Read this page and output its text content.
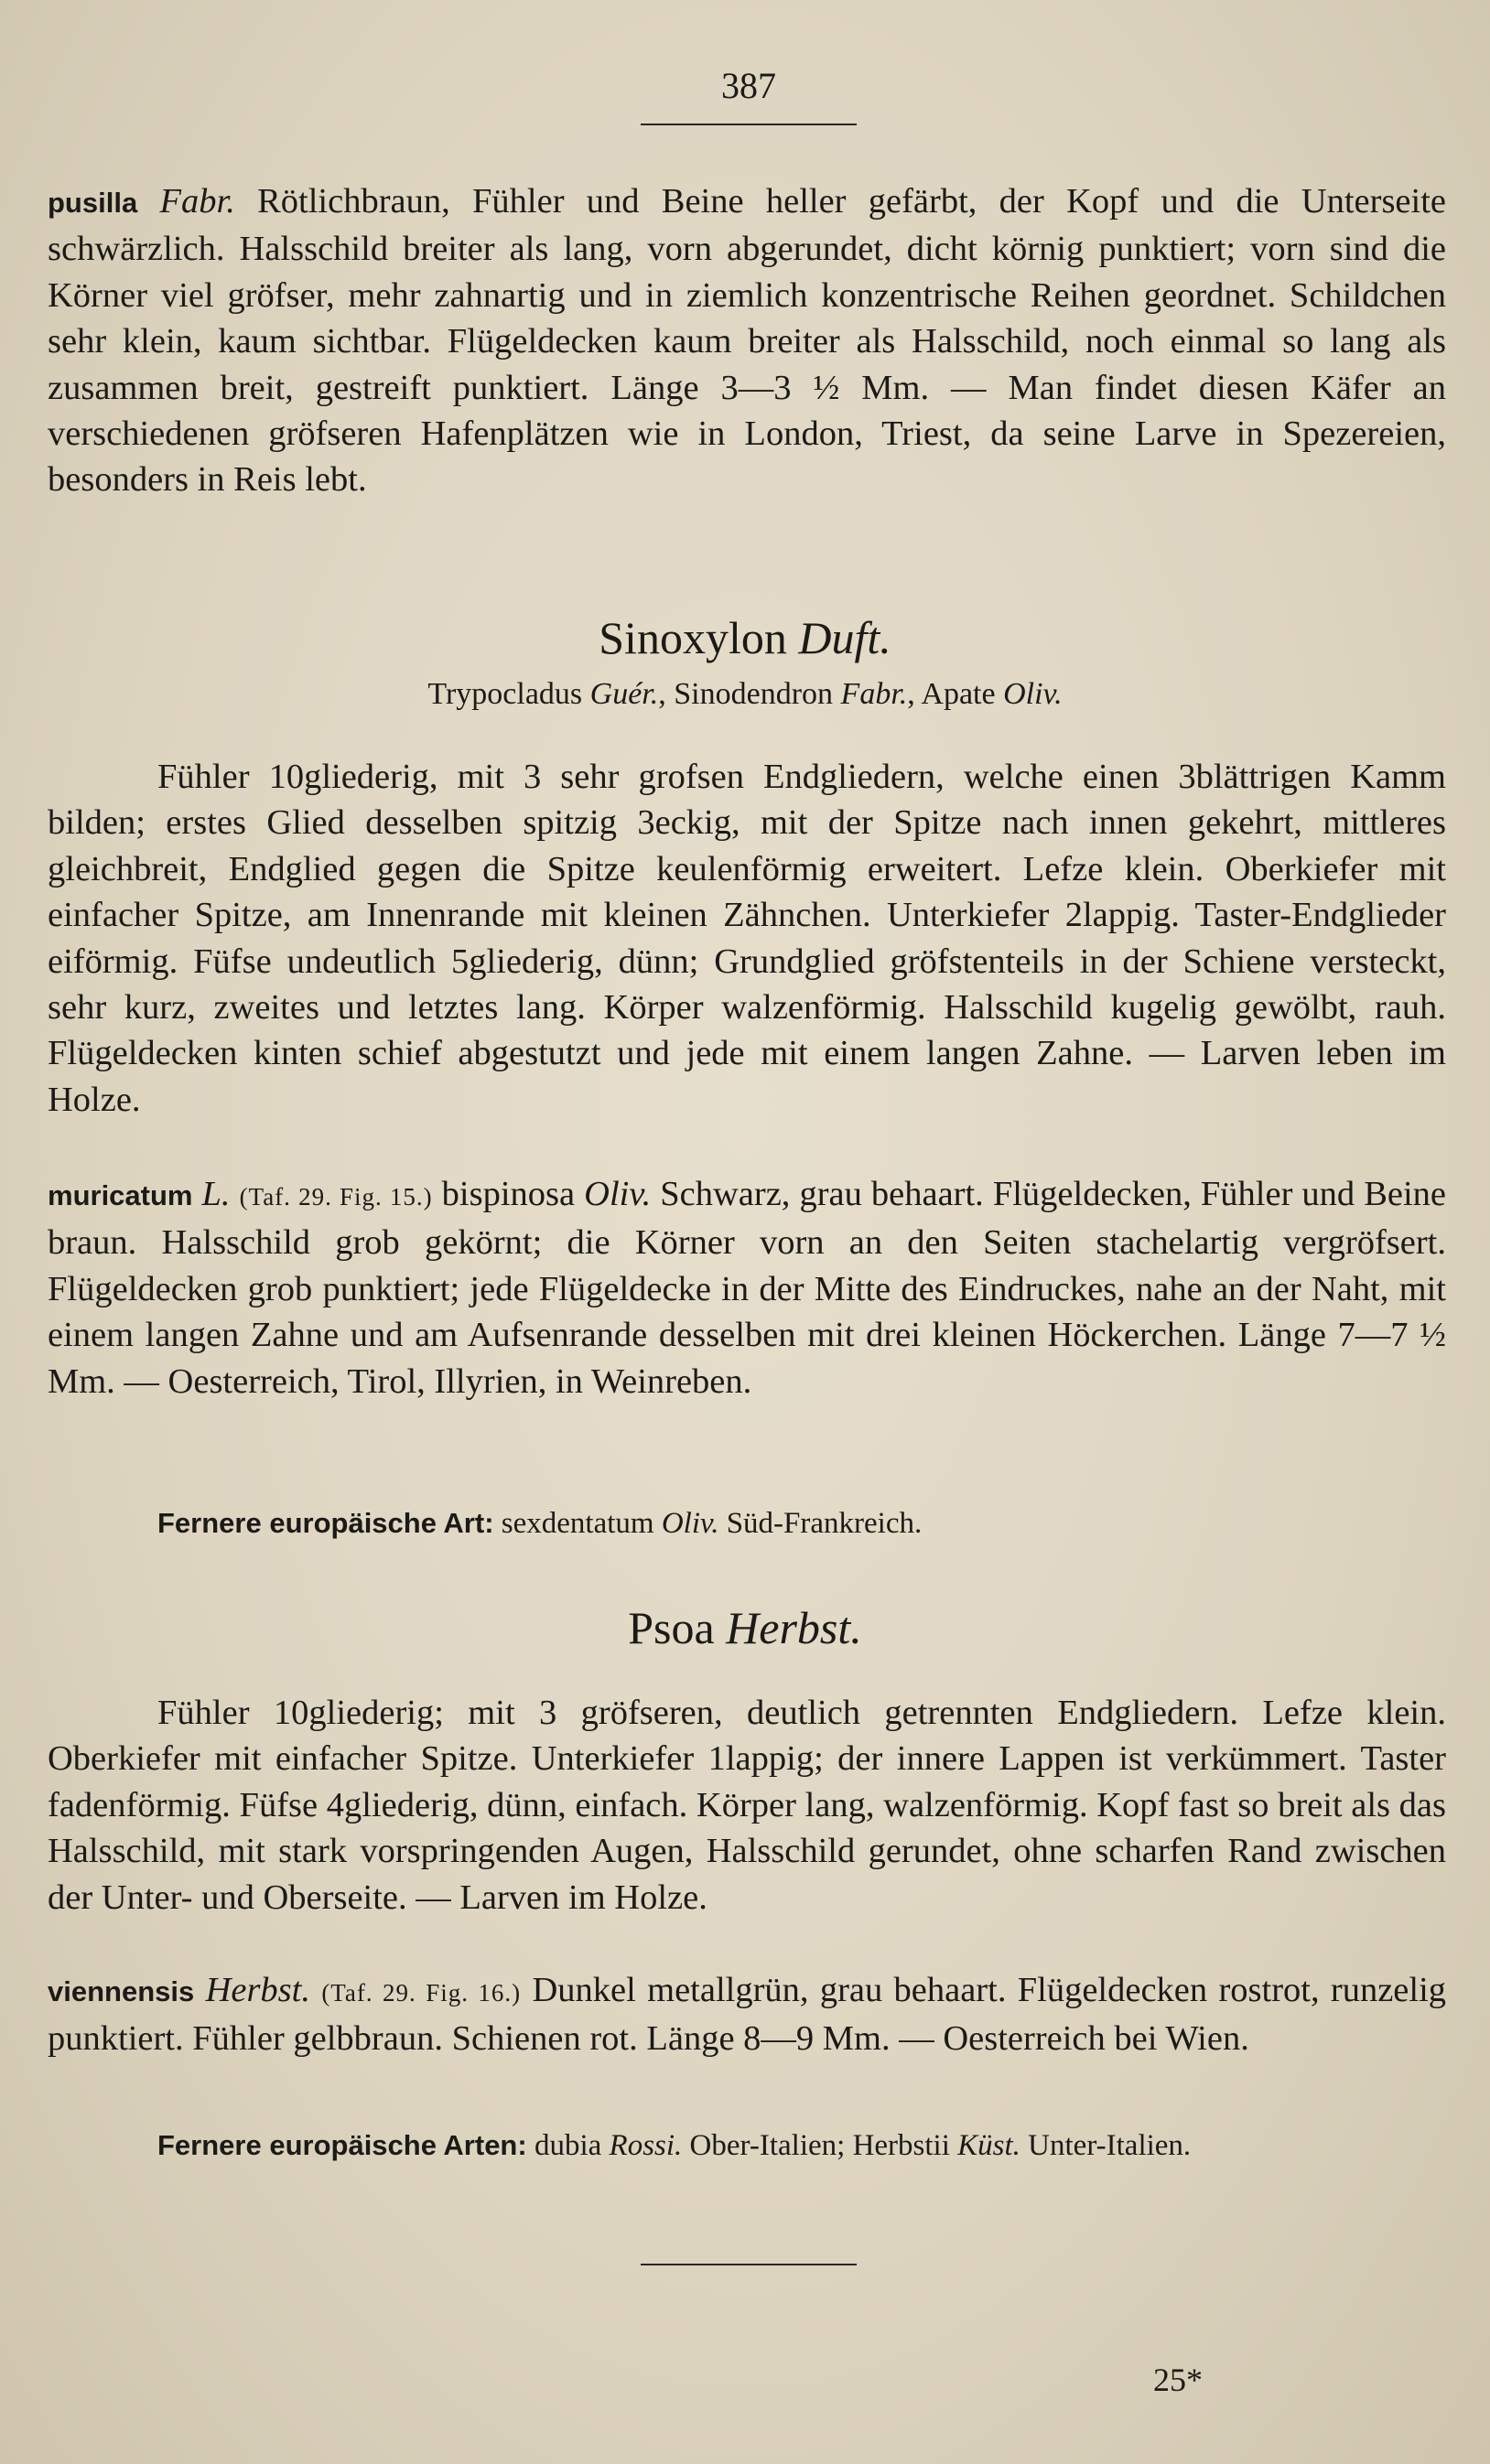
387
pusilla Fabr. Rötlichbraun, Fühler und Beine heller gefärbt, der Kopf und die Unterseite schwärzlich. Halsschild breiter als lang, vorn abgerundet, dicht körnig punktiert; vorn sind die Körner viel gröfser, mehr zahnartig und in ziemlich konzentrische Reihen geordnet. Schildchen sehr klein, kaum sichtbar. Flügeldecken kaum breiter als Halsschild, noch einmal so lang als zusammen breit, gestreift punktiert. Länge 3—3 ½ Mm. — Man findet diesen Käfer an verschiedenen gröfseren Hafenplätzen wie in London, Triest, da seine Larve in Spezereien, besonders in Reis lebt.
Sinoxylon Duft.
Trypocladus Guér., Sinodendron Fabr., Apate Oliv.
Fühler 10gliederig, mit 3 sehr grofsen Endgliedern, welche einen 3blättrigen Kamm bilden; erstes Glied desselben spitzig 3eckig, mit der Spitze nach innen gekehrt, mittleres gleichbreit, Endglied gegen die Spitze keulenförmig erweitert. Lefze klein. Oberkiefer mit einfacher Spitze, am Innenrande mit kleinen Zähnchen. Unterkiefer 2lappig. Taster-Endglieder eiförmig. Füfse undeutlich 5gliederig, dünn; Grundglied gröfstenteils in der Schiene versteckt, sehr kurz, zweites und letztes lang. Körper walzenförmig. Halsschild kugelig gewölbt, rauh. Flügeldecken kinten schief abgestutzt und jede mit einem langen Zahne. — Larven leben im Holze.
muricatum L. (Taf. 29. Fig. 15.) bispinosa Oliv. Schwarz, grau behaart. Flügeldecken, Fühler und Beine braun. Halsschild grob gekörnt; die Körner vorn an den Seiten stachelartig vergröfsert. Flügeldecken grob punktiert; jede Flügeldecke in der Mitte des Eindruckes, nahe an der Naht, mit einem langen Zahne und am Aufsenrande desselben mit drei kleinen Höckerchen. Länge 7—7 ½ Mm. — Oesterreich, Tirol, Illyrien, in Weinreben.
Fernere europäische Art: sexdentatum Oliv. Süd-Frankreich.
Psoa Herbst.
Fühler 10gliederig; mit 3 gröfseren, deutlich getrennten Endgliedern. Lefze klein. Oberkiefer mit einfacher Spitze. Unterkiefer 1lappig; der innere Lappen ist verkümmert. Taster fadenförmig. Füfse 4gliederig, dünn, einfach. Körper lang, walzenförmig. Kopf fast so breit als das Halsschild, mit stark vorspringenden Augen, Halsschild gerundet, ohne scharfen Rand zwischen der Unter- und Oberseite. — Larven im Holze.
viennensis Herbst. (Taf. 29. Fig. 16.) Dunkel metallgrün, grau behaart. Flügeldecken rostrot, runzelig punktiert. Fühler gelbbraun. Schienen rot. Länge 8—9 Mm. — Oesterreich bei Wien.
Fernere europäische Arten: dubia Rossi. Ober-Italien; Herbstii Küst. Unter-Italien.
25*
